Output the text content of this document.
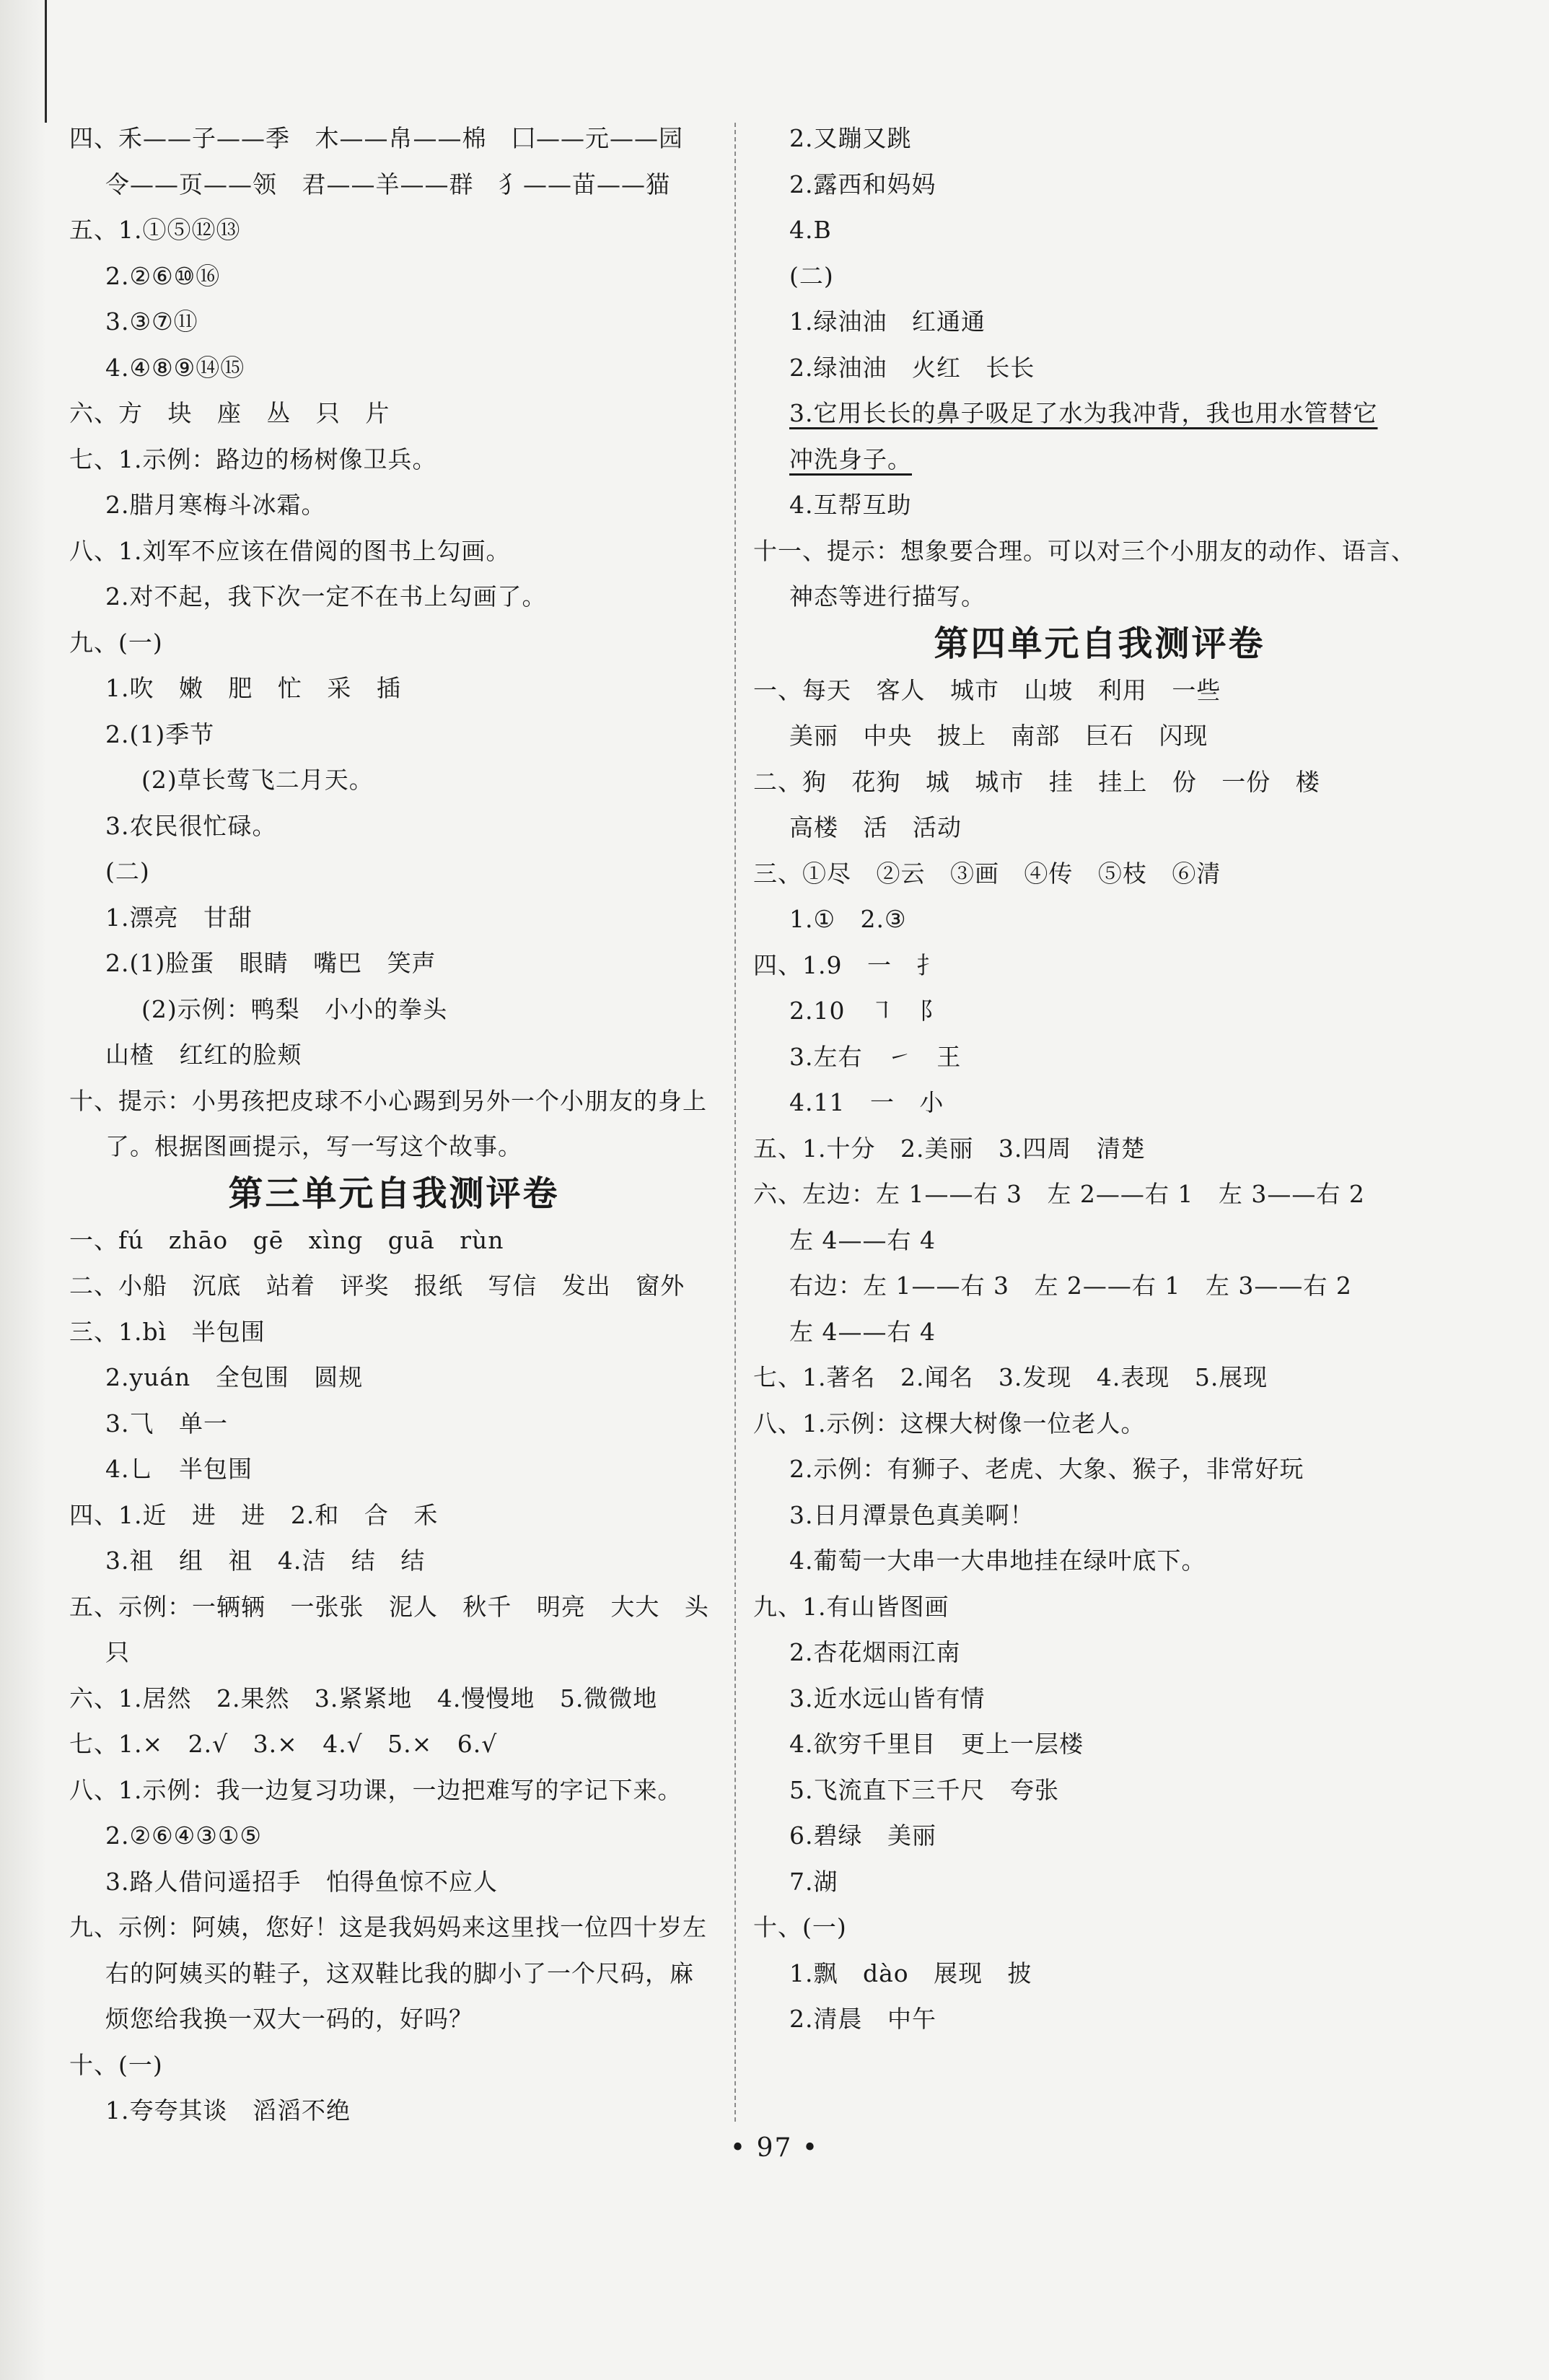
四、禾——子——季   木——帛——棉   囗——元——园
令——页——领   君——羊——群   犭——苗——猫
五、1.①⑤⑫⑬
2.②⑥⑩⑯
3.③⑦⑪
4.④⑧⑨⑭⑮
六、方   块   座   丛   只   片
七、1.示例：路边的杨树像卫兵。
2.腊月寒梅斗冰霜。
八、1.刘军不应该在借阅的图书上勾画。
2.对不起，我下次一定不在书上勾画了。
九、(一)
1.吹   嫩   肥   忙   采   插
2.(1)季节
(2)草长莺飞二月天。
3.农民很忙碌。
(二)
1.漂亮   甘甜
2.(1)脸蛋   眼睛   嘴巴   笑声
(2)示例：鸭梨   小小的拳头
山楂   红红的脸颊
十、提示：小男孩把皮球不小心踢到另外一个小朋友的身上
了。根据图画提示，写一写这个故事。
第三单元自我测评卷
一、fú   zhāo   gē   xìng   guā   rùn
二、小船   沉底   站着   评奖   报纸   写信   发出   窗外
三、1.bì   半包围
2.yuán   全包围   圆规
3.⺄   单一
4.乚   半包围
四、1.近   进   进   2.和   合   禾
3.祖   组   祖   4.洁   结   结
五、示例：一辆辆   一张张   泥人   秋千   明亮   大大   头
只
六、1.居然   2.果然   3.紧紧地   4.慢慢地   5.微微地
七、1.×   2.√   3.×   4.√   5.×   6.√
八、1.示例：我一边复习功课，一边把难写的字记下来。
2.②⑥④③①⑤
3.路人借问遥招手   怕得鱼惊不应人
九、示例：阿姨，您好！这是我妈妈来这里找一位四十岁左
右的阿姨买的鞋子，这双鞋比我的脚小了一个尺码，麻
烦您给我换一双大一码的，好吗？
十、(一)
1.夸夸其谈   滔滔不绝
2.又蹦又跳
2.露西和妈妈
4.B
(二)
1.绿油油   红通通
2.绿油油   火红   长长
3.它用长长的鼻子吸足了水为我冲背，我也用水管替它
冲洗身子。
4.互帮互助
十一、提示：想象要合理。可以对三个小朋友的动作、语言、
神态等进行描写。
第四单元自我测评卷
一、每天   客人   城市   山坡   利用   一些
美丽   中央   披上   南部   巨石   闪现
二、狗   花狗   城   城市   挂   挂上   份   一份   楼
高楼   活   活动
三、①尽   ②云   ③画   ④传   ⑤枝   ⑥清
1.①   2.③
四、1.9   一   扌
2.10   ㇕   阝
3.左右   ㇀   王
4.11   一   小
五、1.十分   2.美丽   3.四周   清楚
六、左边：左 1——右 3   左 2——右 1   左 3——右 2
左 4——右 4
右边：左 1——右 3   左 2——右 1   左 3——右 2
左 4——右 4
七、1.著名   2.闻名   3.发现   4.表现   5.展现
八、1.示例：这棵大树像一位老人。
2.示例：有狮子、老虎、大象、猴子，非常好玩
3.日月潭景色真美啊！
4.葡萄一大串一大串地挂在绿叶底下。
九、1.有山皆图画
2.杏花烟雨江南
3.近水远山皆有情
4.欲穷千里目   更上一层楼
5.飞流直下三千尺   夸张
6.碧绿   美丽
7.湖
十、(一)
1.飘   dào   展现   披
2.清晨   中午
• 97 •
